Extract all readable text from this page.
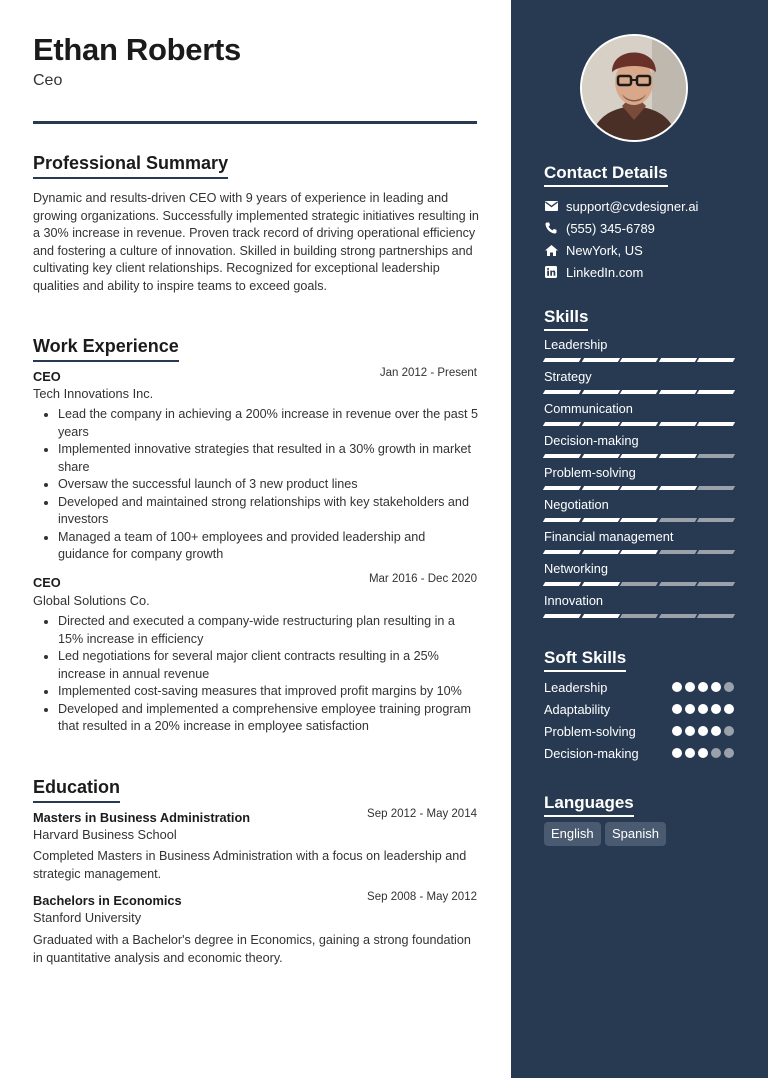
Ethan Roberts
Ceo
Professional Summary
Dynamic and results-driven CEO with 9 years of experience in leading and growing organizations. Successfully implemented strategic initiatives resulting in a 30% increase in revenue. Proven track record of driving operational efficiency and fostering a culture of innovation. Skilled in building strong partnerships and cultivating key client relationships. Recognized for exceptional leadership qualities and ability to inspire teams to exceed goals.
Work Experience
CEO	Jan 2012 - Present
Tech Innovations Inc.
• Lead the company in achieving a 200% increase in revenue over the past 5 years
• Implemented innovative strategies that resulted in a 30% growth in market share
• Oversaw the successful launch of 3 new product lines
• Developed and maintained strong relationships with key stakeholders and investors
• Managed a team of 100+ employees and provided leadership and guidance for company growth
CEO	Mar 2016 - Dec 2020
Global Solutions Co.
• Directed and executed a company-wide restructuring plan resulting in a 15% increase in efficiency
• Led negotiations for several major client contracts resulting in a 25% increase in annual revenue
• Implemented cost-saving measures that improved profit margins by 10%
• Developed and implemented a comprehensive employee training program that resulted in a 20% increase in employee satisfaction
Education
Masters in Business Administration	Sep 2012 - May 2014
Harvard Business School
Completed Masters in Business Administration with a focus on leadership and strategic management.
Bachelors in Economics	Sep 2008 - May 2012
Stanford University
Graduated with a Bachelor's degree in Economics, gaining a strong foundation in quantitative analysis and economic theory.
Contact Details
support@cvdesigner.ai
(555) 345-6789
NewYork, US
LinkedIn.com
Skills
Leadership
Strategy
Communication
Decision-making
Problem-solving
Negotiation
Financial management
Networking
Innovation
Soft Skills
Leadership
Adaptability
Problem-solving
Decision-making
Languages
English	Spanish
